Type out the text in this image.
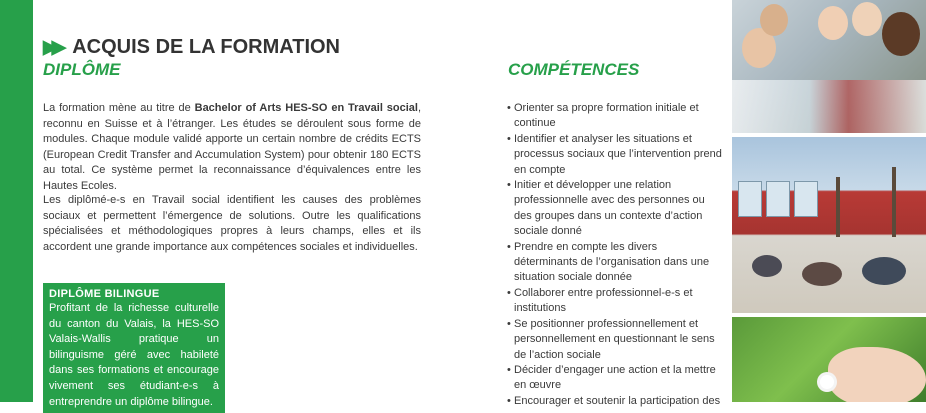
▶▶ ACQUIS DE LA FORMATION
DIPLÔME

La formation mène au titre de Bachelor of Arts HES-SO en Travail social, reconnu en Suisse et à l’étranger. Les études se déroulent sous forme de modules. Chaque module validé apporte un certain nombre de crédits ECTS (European Credit Transfer and Accumulation System) pour obtenir 180 ECTS au total. Ce système permet la reconnaissance d’équivalences entre les Hautes Ecoles.

Les diplômé-e-s en Travail social identifient les causes des problèmes sociaux et permettent l’émergence de solutions. Outre les qualifications spécialisées et méthodologiques propres à leurs champs, elles et ils accordent une grande importance aux compétences sociales et individuelles.

DIPLÔME BILINGUE

Profitant de la richesse culturelle du canton du Valais, la HES-SO Valais-Wallis pratique un bilinguisme géré avec habileté dans ses formations et encourage vivement ses étudiant-e-s à entreprendre un diplôme bilingue.

COMPÉTENCES
• Orienter sa propre formation initiale et continue
• Identifier et analyser les situations et processus sociaux que l’intervention prend en compte
• Initier et développer une relation professionnelle avec des personnes ou des groupes dans un contexte d’action sociale donné
• Prendre en compte les divers déterminants de l’organisation dans une situation sociale donnée
• Collaborer entre professionnel-e-s et institutions
• Se positionner professionnellement et personnellement en questionnant le sens de l’action sociale
• Décider d’engager une action et la mettre en œuvre
• Encourager et soutenir la participation des
